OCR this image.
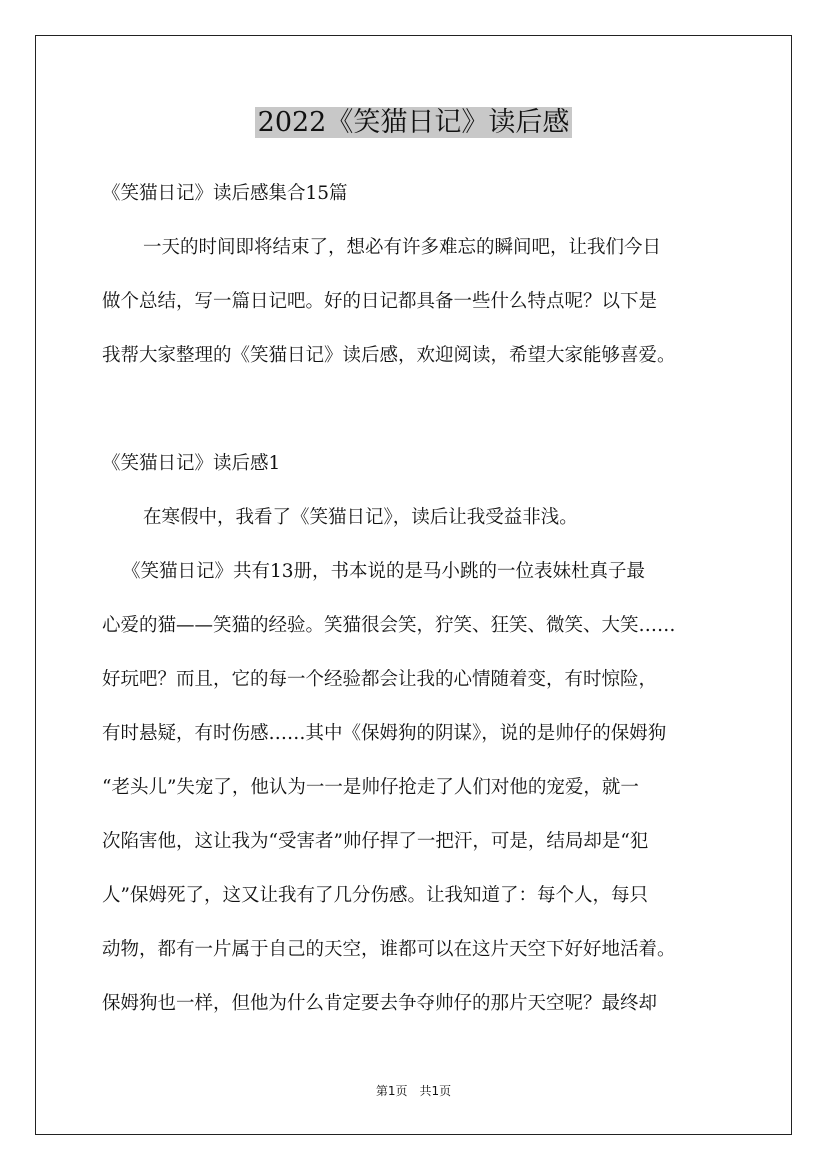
2022《笑猫日记》读后感
《笑猫日记》读后感集合15篇
一天的时间即将结束了，想必有许多难忘的瞬间吧，让我们今日
做个总结，写一篇日记吧。好的日记都具备一些什么特点呢？以下是
我帮大家整理的《笑猫日记》读后感，欢迎阅读，希望大家能够喜爱。
《笑猫日记》读后感1
在寒假中，我看了《笑猫日记》，读后让我受益非浅。
《笑猫日记》共有13册，书本说的是马小跳的一位表妹杜真子最
心爱的猫——笑猫的经验。笑猫很会笑，狞笑、狂笑、微笑、大笑……
好玩吧？而且，它的每一个经验都会让我的心情随着变，有时惊险，
有时悬疑，有时伤感……其中《保姆狗的阴谋》，说的是帅仔的保姆狗
“老头儿”失宠了，他认为一一是帅仔抢走了人们对他的宠爱，就一
次陷害他，这让我为“受害者”帅仔捍了一把汗，可是，结局却是“犯
人”保姆死了，这又让我有了几分伤感。让我知道了：每个人，每只
动物，都有一片属于自己的天空，谁都可以在这片天空下好好地活着。
保姆狗也一样，但他为什么肯定要去争夺帅仔的那片天空呢？最终却
第1页　共1页
